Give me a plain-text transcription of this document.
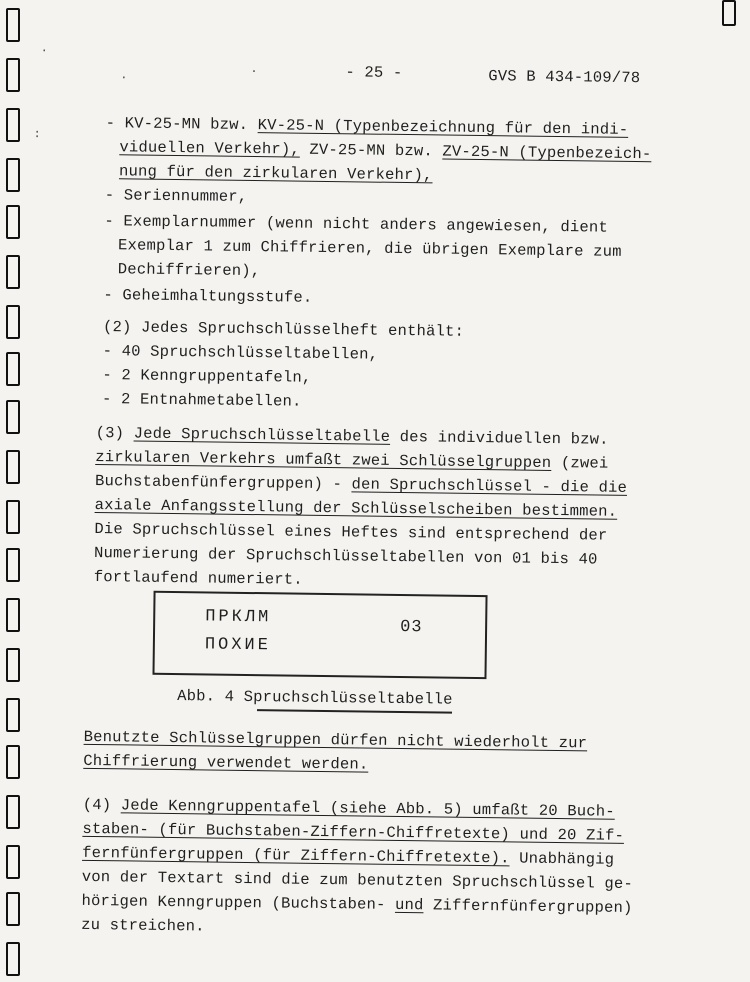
- 25 -	GVS B 434-109/78
- KV-25-MN bzw. KV-25-N (Typenbezeichnung für den indi-
viduellen Verkehr), ZV-25-MN bzw. ZV-25-N (Typenbezeich-
nung für den zirkularen Verkehr),
- Seriennummer,
- Exemplarnummer (wenn nicht anders angewiesen, dient
Exemplar 1 zum Chiffrieren, die übrigen Exemplare zum
Dechiffrieren),
- Geheimhaltungsstufe.
(2) Jedes Spruchschlüsselheft enthält:
- 40 Spruchschlüsseltabellen,
- 2 Kenngruppentafeln,
- 2 Entnahmetabellen.
(3) Jede Spruchschlüsseltabelle des individuellen bzw.
zirkularen Verkehrs umfaßt zwei Schlüsselgruppen (zwei
Buchstabenfünfergruppen) - den Spruchschlüssel - die die
axiale Anfangsstellung der Schlüsselscheiben bestimmen.
Die Spruchschlüssel eines Heftes sind entsprechend der
Numerierung der Spruchschlüsseltabellen von 01 bis 40
fortlaufend numeriert.
ПРКЛМ
ПОХИЕ
03
Abb. 4 Spruchschlüsseltabelle
Benutzte Schlüsselgruppen dürfen nicht wiederholt zur
Chiffrierung verwendet werden.
(4) Jede Kenngruppentafel (siehe Abb. 5) umfaßt 20 Buch-
staben- (für Buchstaben-Ziffern-Chiffretexte) und 20 Zif-
fernfünfergruppen (für Ziffern-Chiffretexte). Unabhängig
von der Textart sind die zum benutzten Spruchschlüssel ge-
hörigen Kenngruppen (Buchstaben- und Ziffernfünfergruppen)
zu streichen.
.
:
.	.
